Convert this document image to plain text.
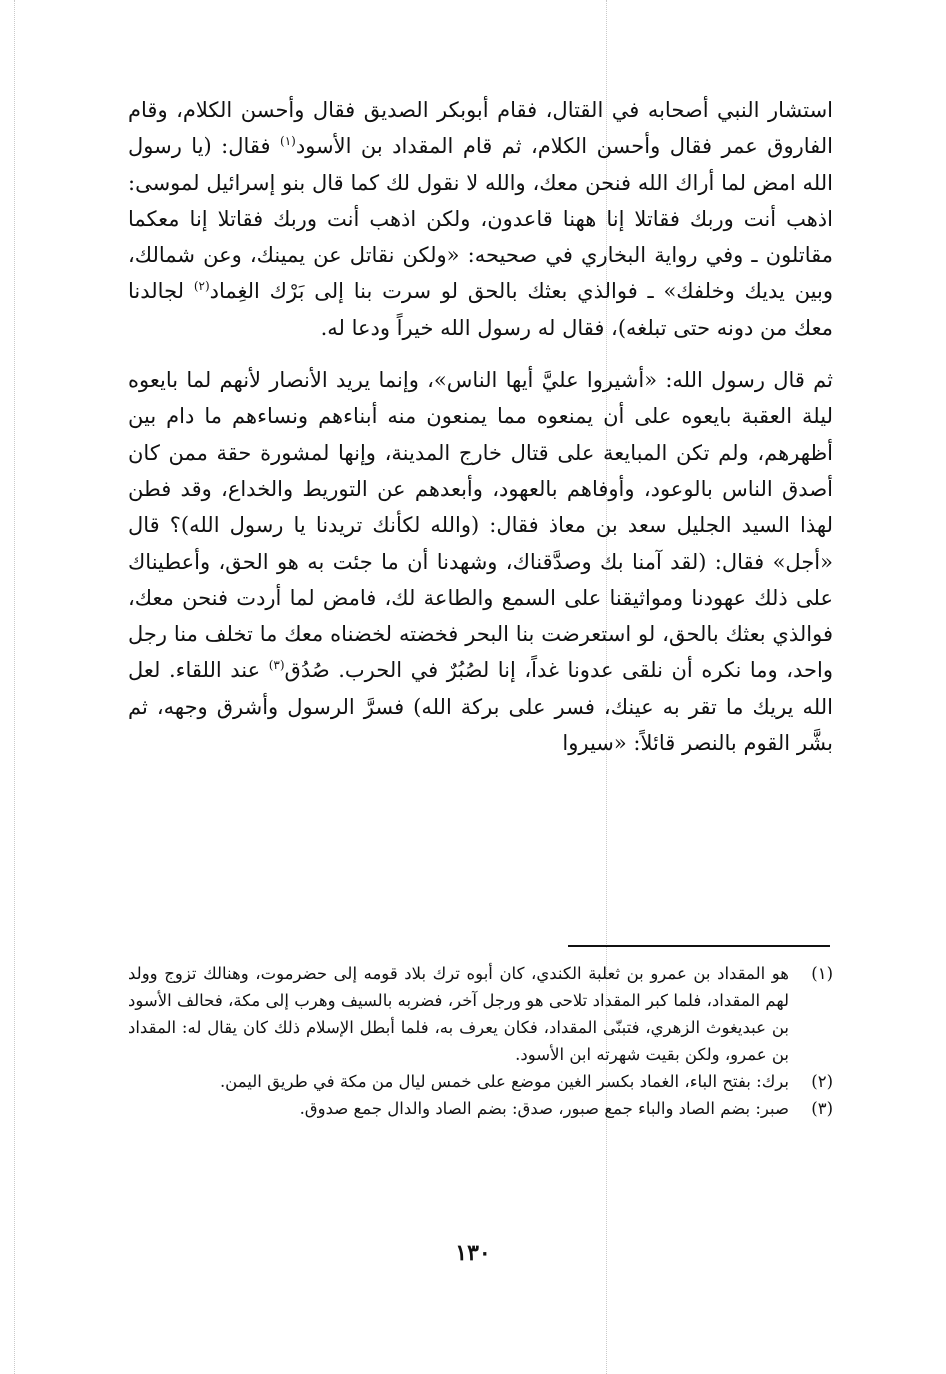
استشار النبي أصحابه في القتال، فقام أبوبكر الصديق فقال وأحسن الكلام، وقام الفاروق عمر فقال وأحسن الكلام، ثم قام المقداد بن الأسود$^{(١)}$ فقال: (يا رسول الله امض لما أراك الله فنحن معك، والله لا نقول لك كما قال بنو إسرائيل لموسى: اذهب أنت وربك فقاتلا إنا ههنا قاعدون، ولكن اذهب أنت وربك فقاتلا إنا معكما مقاتلون ـ وفي رواية البخاري في صحيحه: «ولكن نقاتل عن يمينك، وعن شمالك، وبين يديك وخلفك» ـ فوالذي بعثك بالحق لو سرت بنا إلى بَرْك الغِماد$^{(٢)}$ لجالدنا معك من دونه حتى تبلغه)، فقال له رسول الله خيراً ودعا له.

ثم قال رسول الله: «أشيروا عليَّ أيها الناس»، وإنما يريد الأنصار لأنهم لما بايعوه ليلة العقبة بايعوه على أن يمنعوه مما يمنعون منه أبناءهم ونساءهم ما دام بين أظهرهم، ولم تكن المبايعة على قتال خارج المدينة، وإنها لمشورة حقة ممن كان أصدق الناس بالوعود، وأوفاهم بالعهود، وأبعدهم عن التوريط والخداع، وقد فطن لهذا السيد الجليل سعد بن معاذ فقال: (والله لكأنك تريدنا يا رسول الله)؟ قال «أجل» فقال: (لقد آمنا بك وصدَّقناك، وشهدنا أن ما جئت به هو الحق، وأعطيناك على ذلك عهودنا ومواثيقنا على السمع والطاعة لك، فامض لما أردت فنحن معك، فوالذي بعثك بالحق، لو استعرضت بنا البحر فخضته لخضناه معك ما تخلف منا رجل واحد، وما نكره أن نلقى عدونا غداً، إنا لصُبُرٌ في الحرب. صُدُق$^{(٣)}$ عند اللقاء. لعل الله يريك ما تقر به عينك، فسر على بركة الله) فسرَّ الرسول وأشرق وجهه، ثم بشَّر القوم بالنصر قائلاً: «سيروا

(١)
هو المقداد بن عمرو بن ثعلبة الكندي، كان أبوه ترك بلاد قومه إلى حضرموت، وهنالك تزوج وولد لهم المقداد، فلما كبر المقداد تلاحى هو ورجل آخر، فضربه بالسيف وهرب إلى مكة، فحالف الأسود بن عبديغوث الزهري، فتبنّى المقداد، فكان يعرف به، فلما أبطل الإسلام ذلك كان يقال له: المقداد بن عمرو، ولكن بقيت شهرته ابن الأسود.
(٢)
برك: بفتح الباء، الغماد بكسر الغين موضع على خمس ليال من مكة في طريق اليمن.
(٣)
صبر: بضم الصاد والباء جمع صبور، صدق: بضم الصاد والدال جمع صدوق.
١٣٠
